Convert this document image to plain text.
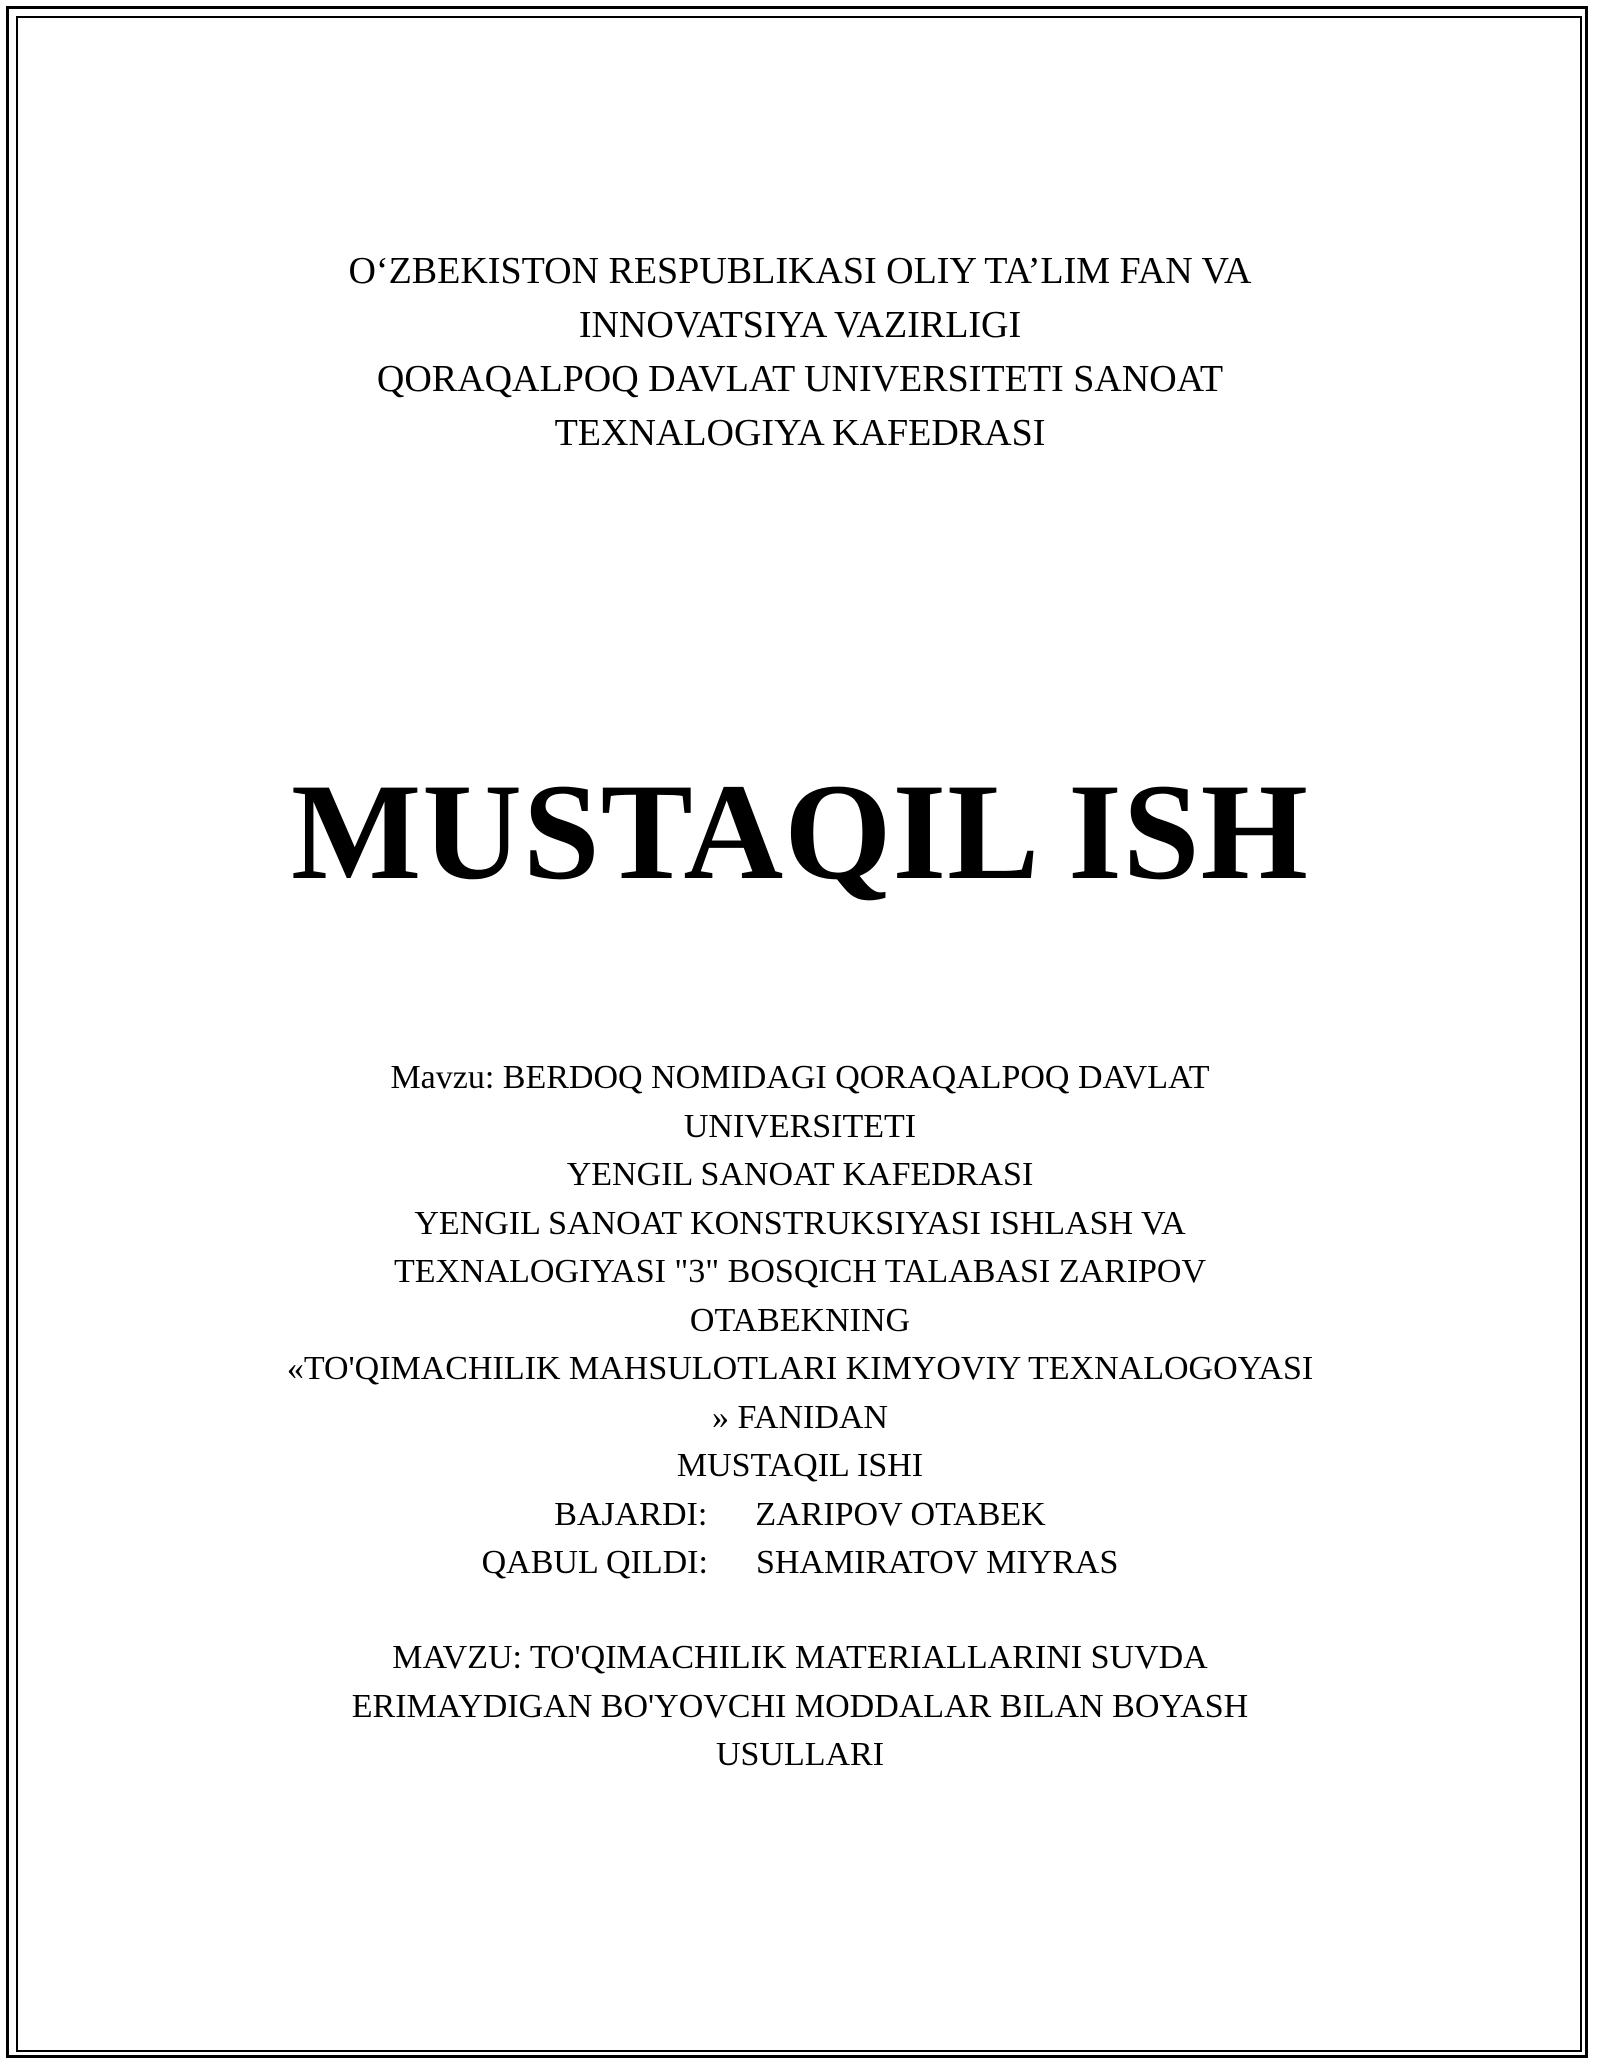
O‘ZBEKISTON RESPUBLIKASI OLIY TA’LIM FAN VA
INNOVATSIYA VAZIRLIGI
QORAQALPOQ DAVLAT UNIVERSITETI SANOAT
TEXNALOGIYA KAFEDRASI
MUSTAQIL ISH
Mavzu: BERDOQ NOMIDAGI QORAQALPOQ DAVLAT
UNIVERSITETI
YENGIL SANOAT KAFEDRASI
YENGIL SANOAT KONSTRUKSIYASI ISHLASH VA
TEXNALOGIYASI "3" BOSQICH TALABASI ZARIPOV
OTABEKNING
«TO'QIMACHILIK MAHSULOTLARI KIMYOVIY TEXNALOGOYASI
» FANIDAN
MUSTAQIL ISHI
BAJARDI: ZARIPOV OTABEK
QABUL QILDI: SHAMIRATOV MIYRAS
MAVZU: TO'QIMACHILIK MATERIALLARINI SUVDA
ERIMAYDIGAN BO'YOVCHI MODDALAR BILAN BOYASH
USULLARI
